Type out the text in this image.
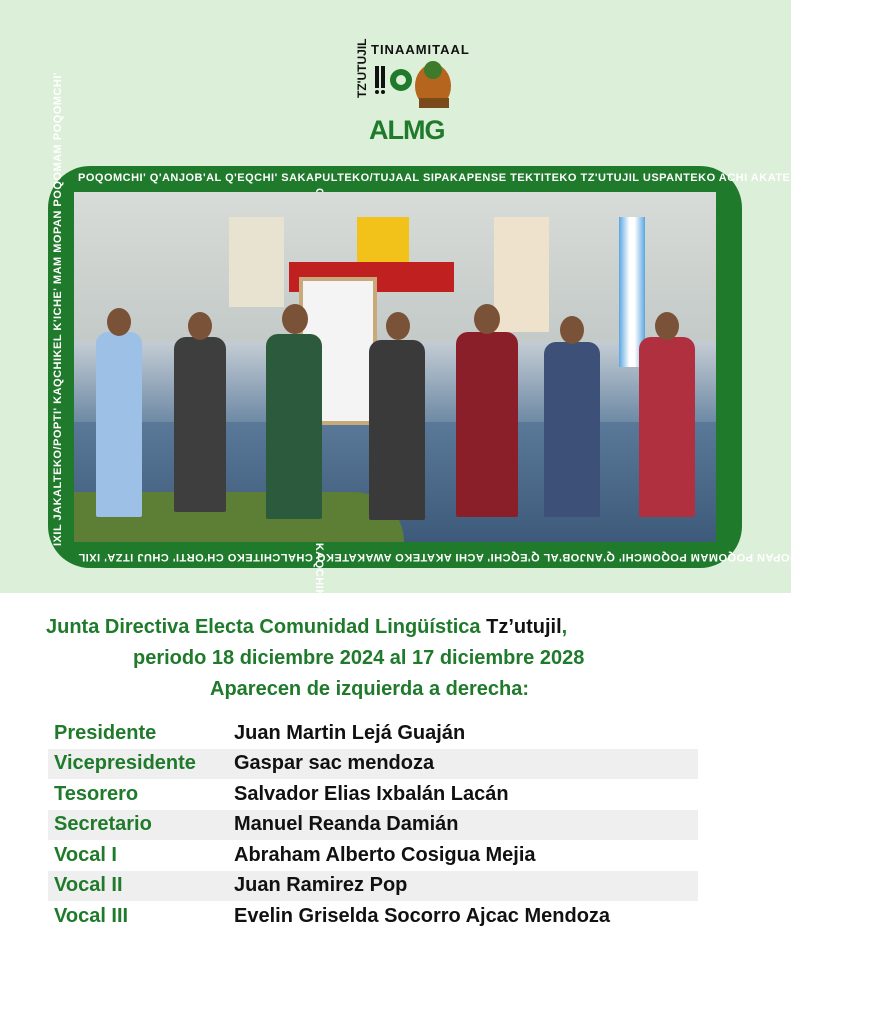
TINAAMITAAL
TZ'UTUJIL
ALMG
POQOMCHI' Q'ANJOB'AL Q'EQCHI' SAKAPULTEKO/TUJAAL SIPAKAPENSE TEKTITEKO TZ'UTUJIL USPANTEKO ACHI AKATEKO AWAKATEKO
KAQCHIKEL
K'ICHE' MAM MOPAN POQOMAM POQOMCHI' Q'ANJOB'AL Q'EQCHI' ACHI AKATEKO AWAKATEKO CHALCHITEKO CH'ORTI' CHUJ ITZA' IXIL
IXIL JAKALTEKO/POPTI' KAQCHIKEL K'ICHE' MAM MOPAN POQOMAM POQOMCHI'
Junta Directiva Electa Comunidad Lingüística Tz’utujil,
periodo 18 diciembre 2024 al 17 diciembre 2028
Aparecen de izquierda a derecha:
Presidente	Juan Martin Lejá Guaján
Vicepresidente	Gaspar sac mendoza
Tesorero	Salvador Elias Ixbalán Lacán
Secretario	Manuel Reanda Damián
Vocal I	Abraham Alberto Cosigua Mejia
Vocal II	Juan Ramirez Pop
Vocal III	Evelin Griselda Socorro Ajcac Mendoza
